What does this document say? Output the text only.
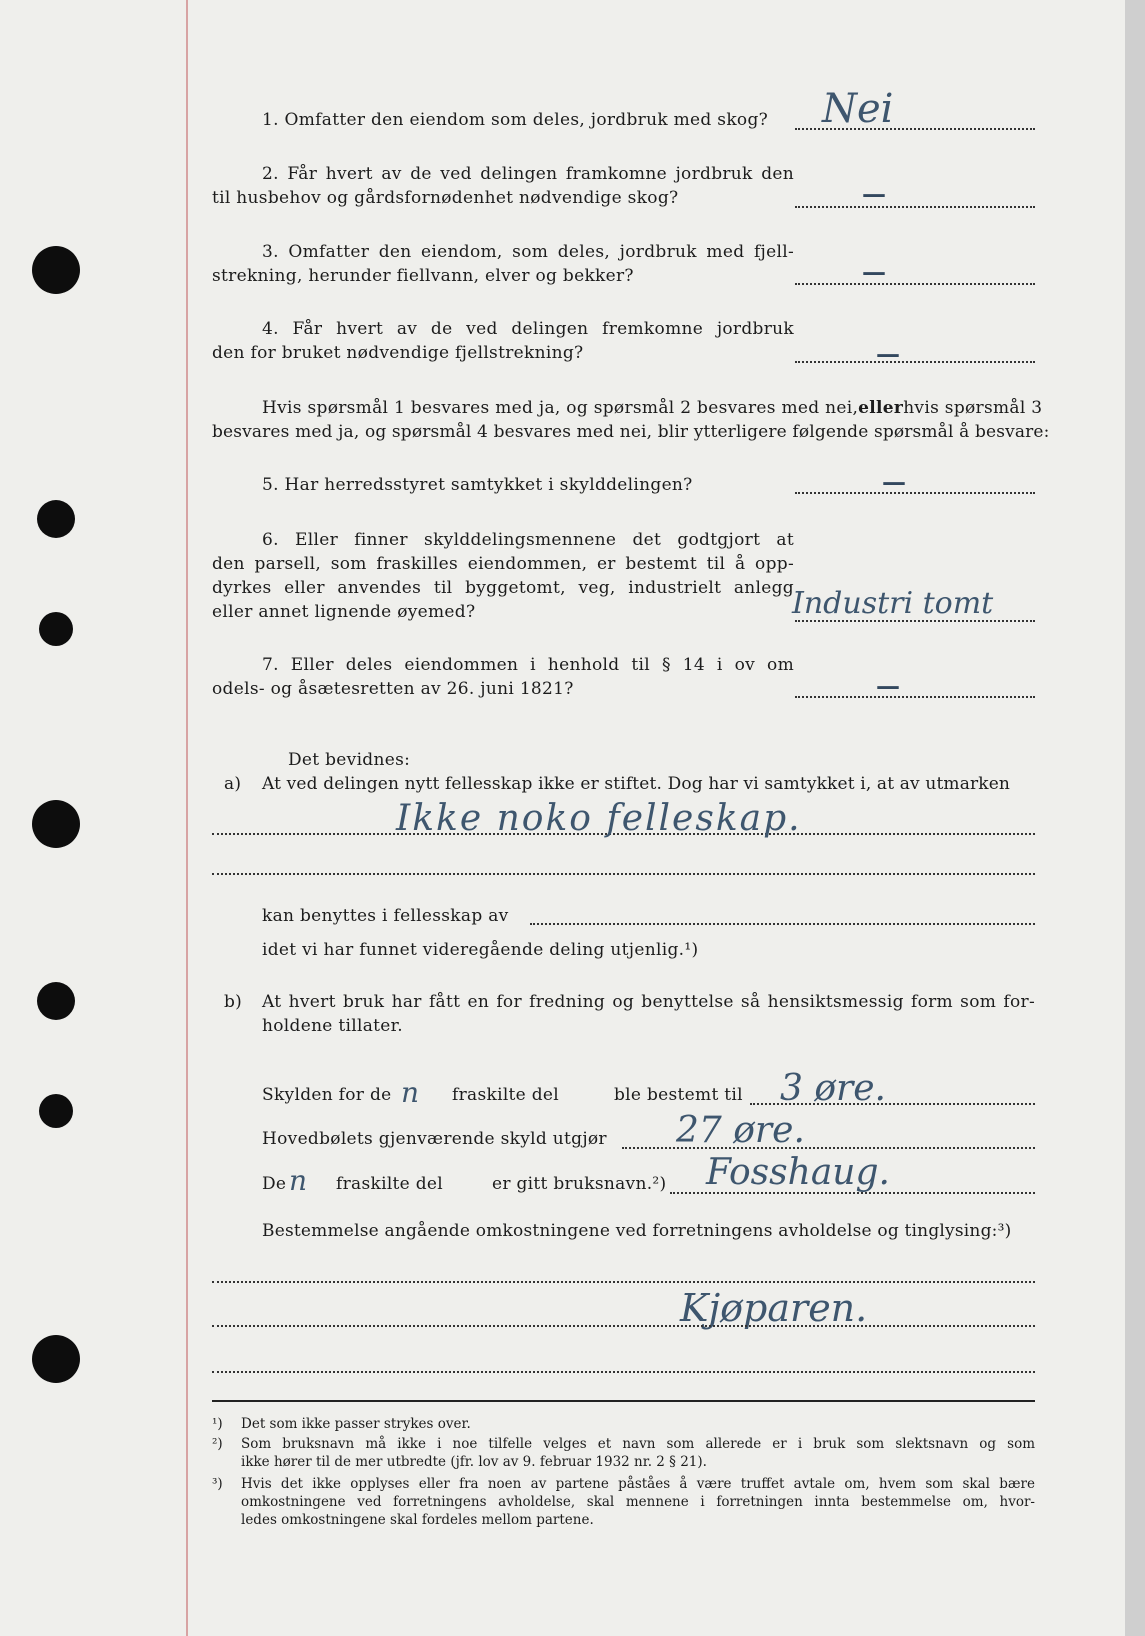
1. Omfatter den eiendom som deles, jordbruk med skog? Nei
2. Får hvert av de ved delingen framkomne jordbruk den
til husbehov og gårdsfornødenhet nødvendige skog?	—
3. Omfatter den eiendom, som deles, jordbruk med fjell-
strekning, herunder fiellvann, elver og bekker?	—
4. Får hvert av de ved delingen fremkomne jordbruk
den for bruket nødvendige fjellstrekning?	—
Hvis spørsmål 1 besvares med ja, og spørsmål 2 besvares med nei, eller hvis spørsmål 3
besvares med ja, og spørsmål 4 besvares med nei, blir ytterligere følgende spørsmål å besvare:
5. Har herredsstyret samtykket i skylddelingen?	—
6. Eller finner skylddelingsmennene det godtgjort at
den parsell, som fraskilles eiendommen, er bestemt til å opp-
dyrkes eller anvendes til byggetomt, veg, industrielt anlegg
eller annet lignende øyemed?	Industri tomt
7. Eller deles eiendommen i henhold til § 14 i ov om
odels- og åsætesretten av 26. juni 1821?	—
Det bevidnes:
a) At ved delingen nytt fellesskap ikke er stiftet. Dog har vi samtykket i, at av utmarken
Ikke noko felleskap.
kan benyttes i fellesskap av
idet vi har funnet videregående deling utjenlig.¹)
b) At hvert bruk har fått en for fredning og benyttelse så hensiktsmessig form som for-
holdene tillater.
Skylden for de n fraskilte del	ble bestemt til 3 øre.
Hovedbølets gjenværende skyld utgjør 27 øre.
De n fraskilte del	er gitt bruksnavn.²) Fosshaug.
Bestemmelse angående omkostningene ved forretningens avholdelse og tinglysing:³)
Kjøparen.
¹) Det som ikke passer strykes over.
²) Som bruksnavn må ikke i noe tilfelle velges et navn som allerede er i bruk som slektsnavn og som
ikke hører til de mer utbredte (jfr. lov av 9. februar 1932 nr. 2 § 21).
³) Hvis det ikke opplyses eller fra noen av partene påståes å være truffet avtale om, hvem som skal bære
omkostningene ved forretningens avholdelse, skal mennene i forretningen innta bestemmelse om, hvor-
ledes omkostningene skal fordeles mellom partene.
